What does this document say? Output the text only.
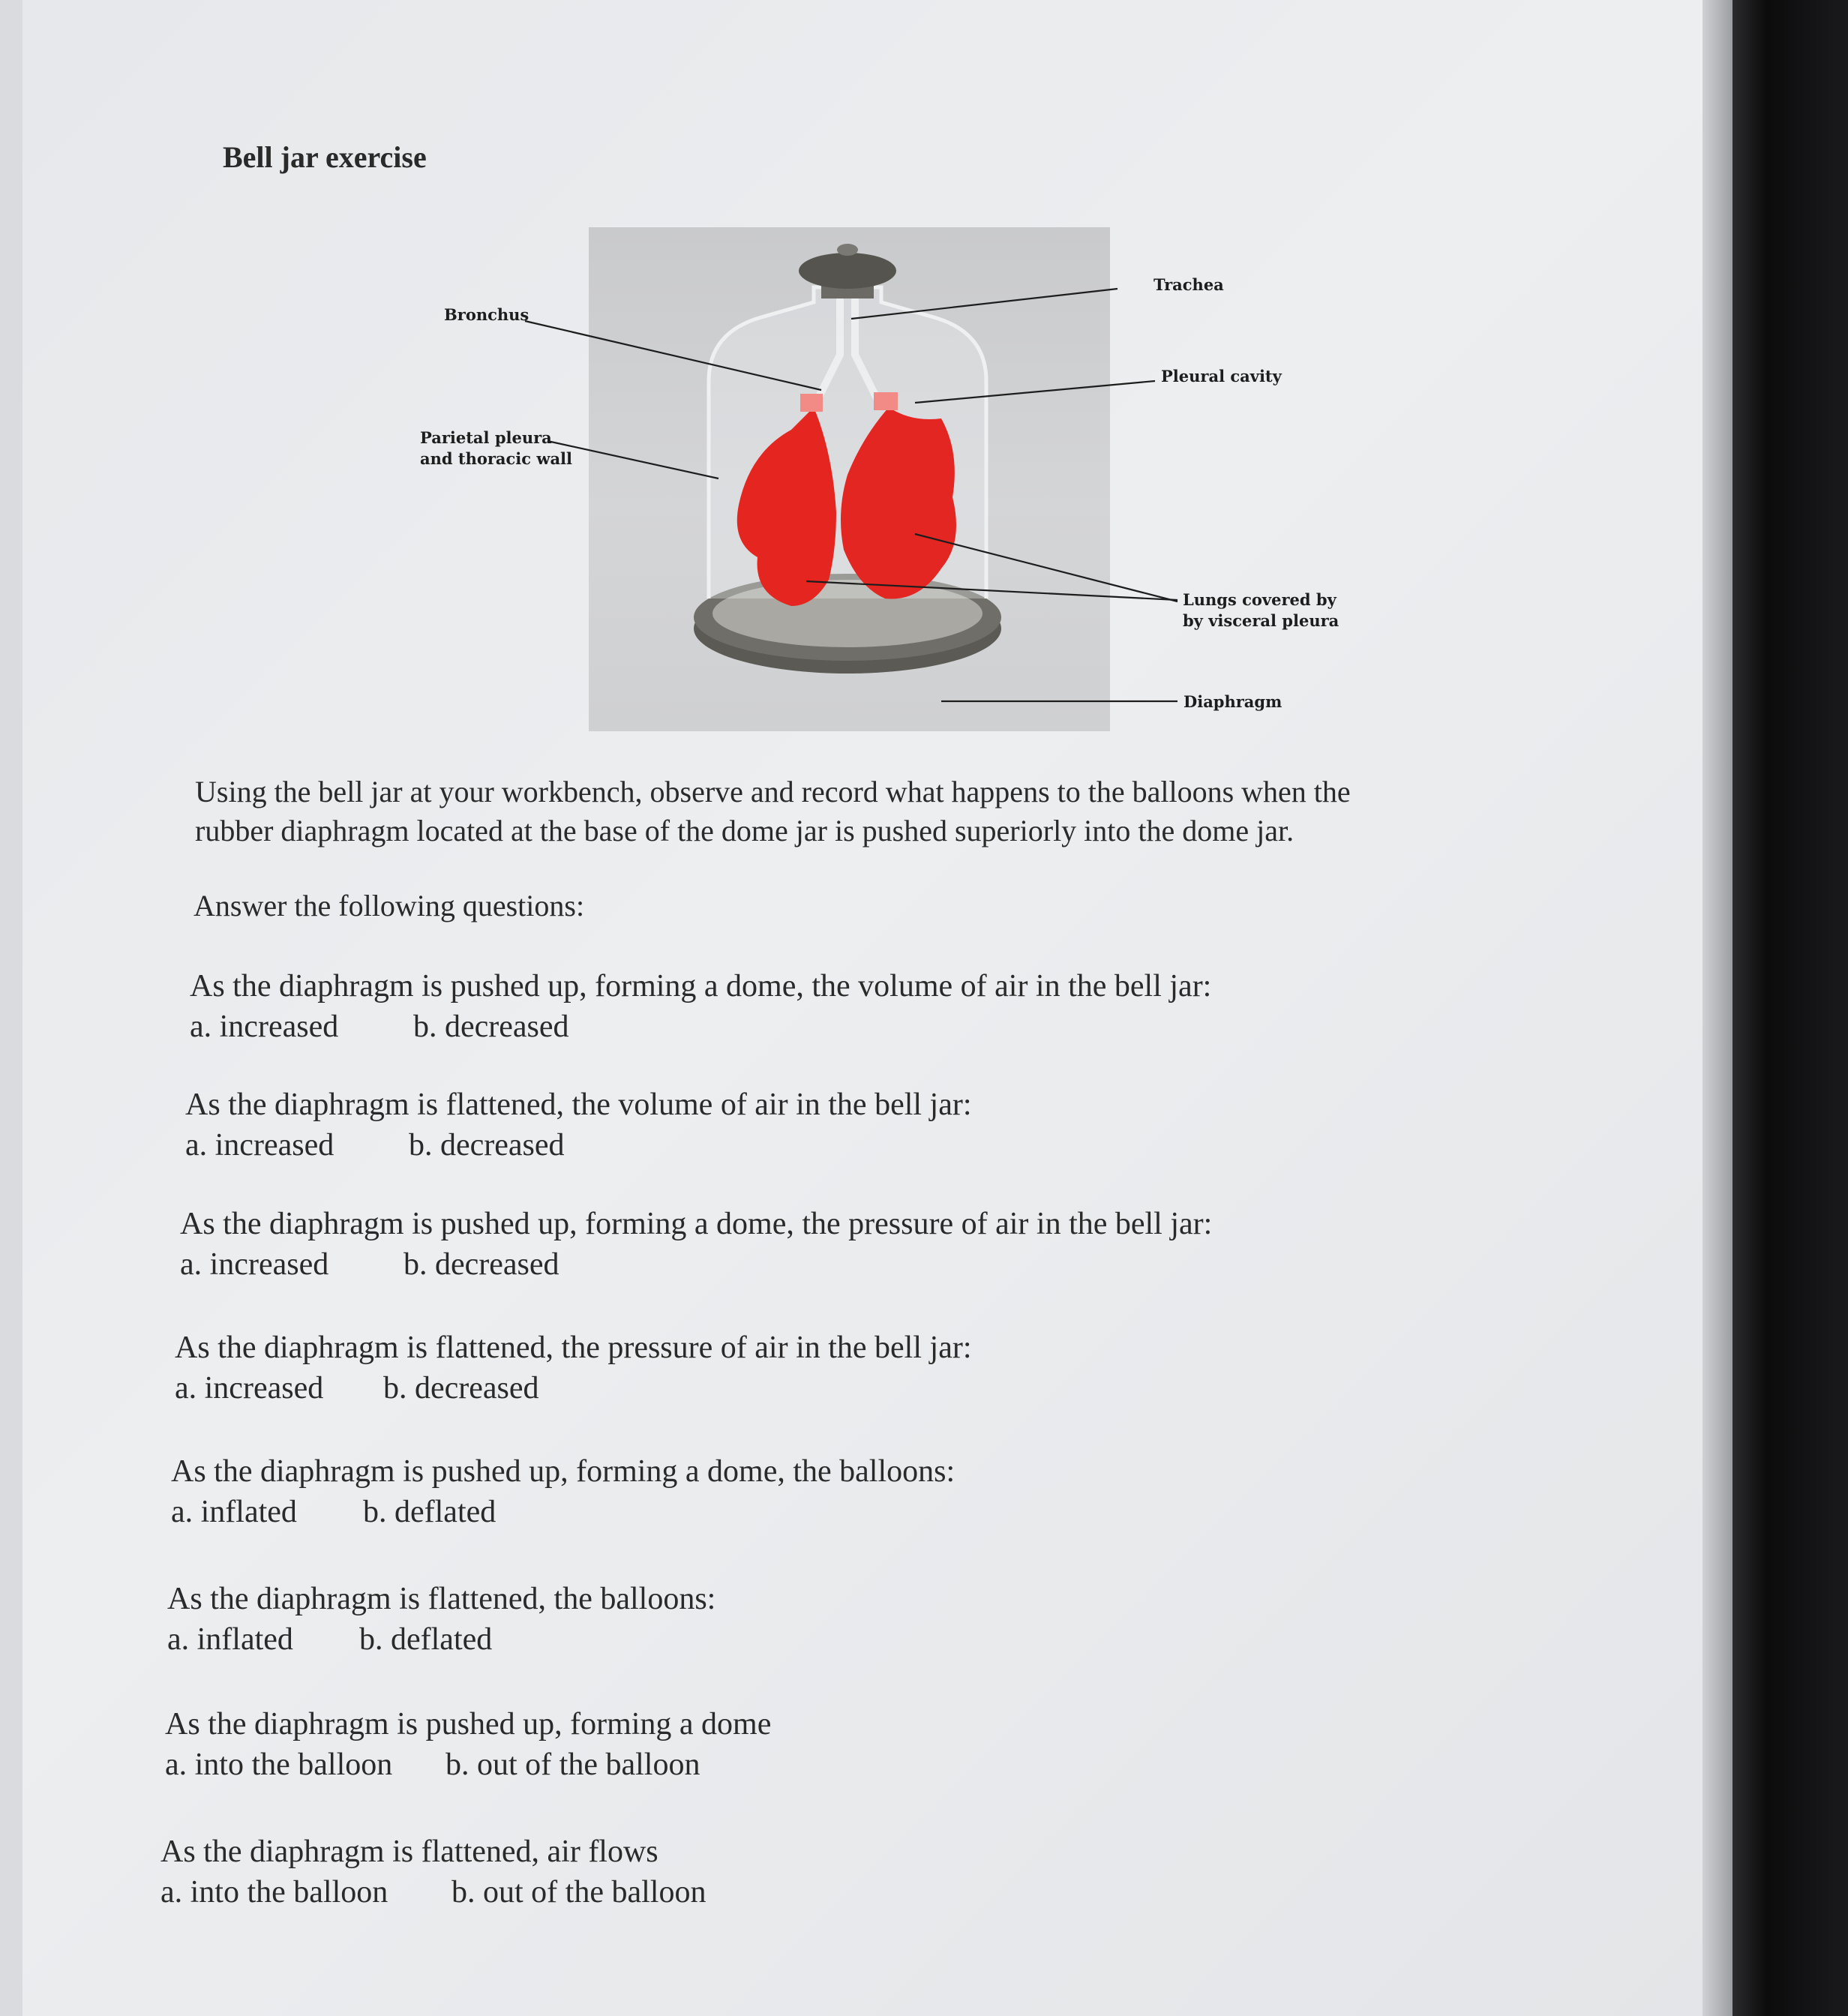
Bell jar exercise
Trachea
Bronchus
Pleural cavity
Parietal pleura
and thoracic wall
Lungs covered by
by visceral pleura
Diaphragm
Using the bell jar at your workbench, observe and record what happens to the balloons when the
rubber diaphragm located at the base of the dome jar is pushed superiorly into the dome jar.
Answer the following questions:
As the diaphragm is pushed up, forming a dome, the volume of air in the bell jar:
a. increased b. decreased
As the diaphragm is flattened, the volume of air in the bell jar:
a. increased b. decreased
As the diaphragm is pushed up, forming a dome, the pressure of air in the bell jar:
a. increased b. decreased
As the diaphragm is flattened, the pressure of air in the bell jar:
a. increased b. decreased
As the diaphragm is pushed up, forming a dome, the balloons:
a. inflated b. deflated
As the diaphragm is flattened, the balloons:
a. inflated b. deflated
As the diaphragm is pushed up, forming a dome
a. into the balloon b. out of the balloon
As the diaphragm is flattened, air flows
a. into the balloon b. out of the balloon
